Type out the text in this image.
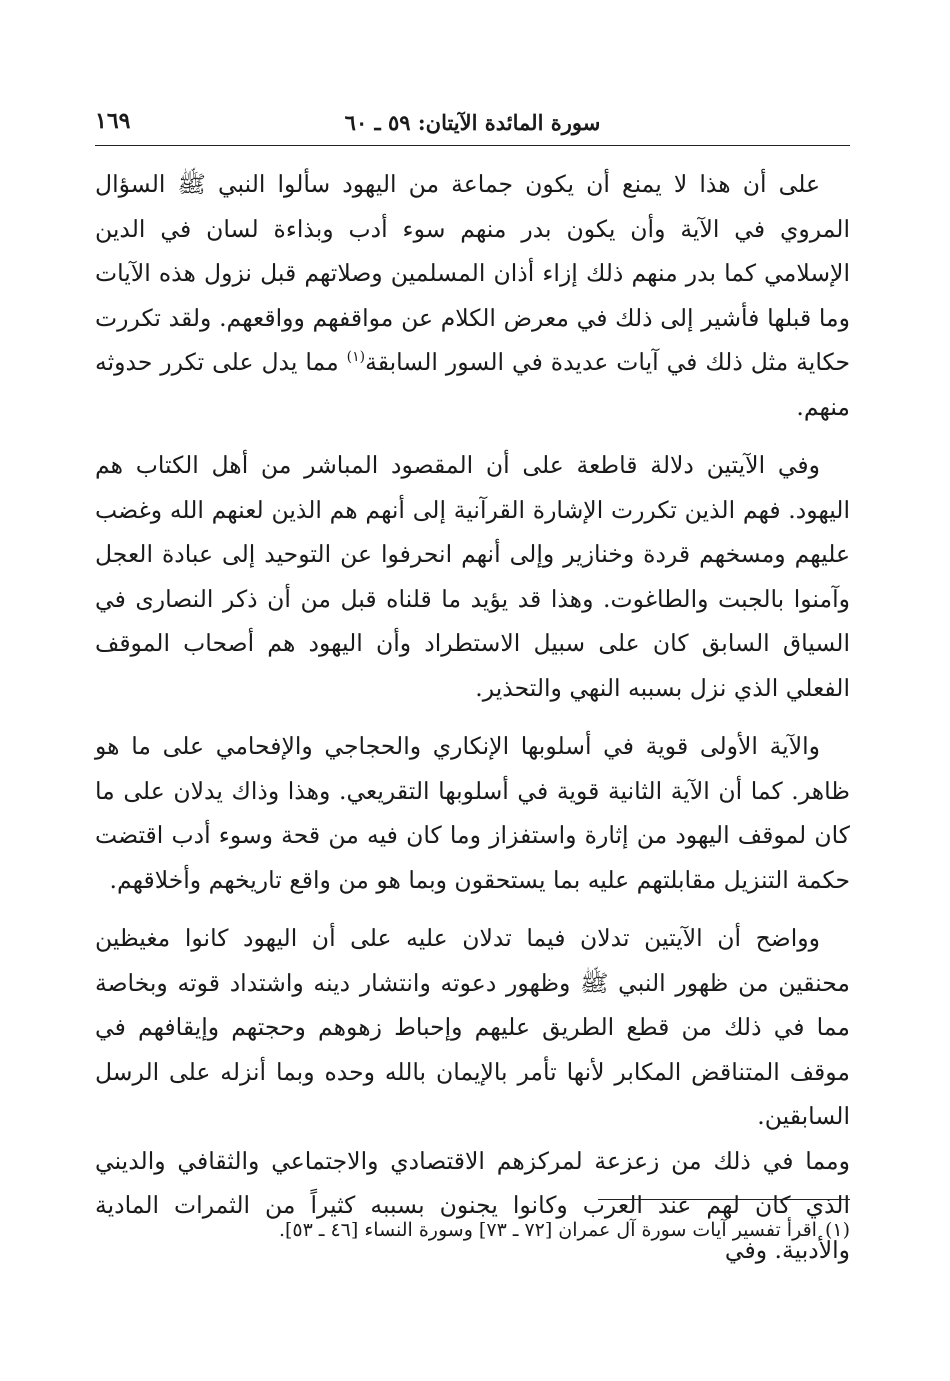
سورة المائدة الآيتان: ٥٩ ـ ٦٠
١٦٩

على أن هذا لا يمنع أن يكون جماعة من اليهود سألوا النبي ﷺ السؤال المروي في الآية وأن يكون بدر منهم سوء أدب وبذاءة لسان في الدين الإسلامي كما بدر منهم ذلك إزاء أذان المسلمين وصلاتهم قبل نزول هذه الآيات وما قبلها فأشير إلى ذلك في معرض الكلام عن مواقفهم وواقعهم. ولقد تكررت حكاية مثل ذلك في آيات عديدة في السور السابقة$^{(١)}$ مما يدل على تكرر حدوثه منهم.

وفي الآيتين دلالة قاطعة على أن المقصود المباشر من أهل الكتاب هم اليهود. فهم الذين تكررت الإشارة القرآنية إلى أنهم هم الذين لعنهم الله وغضب عليهم ومسخهم قردة وخنازير وإلى أنهم انحرفوا عن التوحيد إلى عبادة العجل وآمنوا بالجبت والطاغوت. وهذا قد يؤيد ما قلناه قبل من أن ذكر النصارى في السياق السابق كان على سبيل الاستطراد وأن اليهود هم أصحاب الموقف الفعلي الذي نزل بسببه النهي والتحذير.

والآية الأولى قوية في أسلوبها الإنكاري والحجاجي والإفحامي على ما هو ظاهر. كما أن الآية الثانية قوية في أسلوبها التقريعي. وهذا وذاك يدلان على ما كان لموقف اليهود من إثارة واستفزاز وما كان فيه من قحة وسوء أدب اقتضت حكمة التنزيل مقابلتهم عليه بما يستحقون وبما هو من واقع تاريخهم وأخلاقهم.

وواضح أن الآيتين تدلان فيما تدلان عليه على أن اليهود كانوا مغيظين محنقين من ظهور النبي ﷺ وظهور دعوته وانتشار دينه واشتداد قوته وبخاصة مما في ذلك من قطع الطريق عليهم وإحباط زهوهم وحجتهم وإيقافهم في موقف المتناقض المكابر لأنها تأمر بالإيمان بالله وحده وبما أنزله على الرسل السابقين.

ومما في ذلك من زعزعة لمركزهم الاقتصادي والاجتماعي والثقافي والديني الذي كان لهم عند العرب وكانوا يجنون بسببه كثيراً من الثمرات المادية والأدبية. وفي

(١)اقرأ تفسير آيات سورة آل عمران [٧٢ ـ ٧٣] وسورة النساء [٤٦ ـ ٥٣].
